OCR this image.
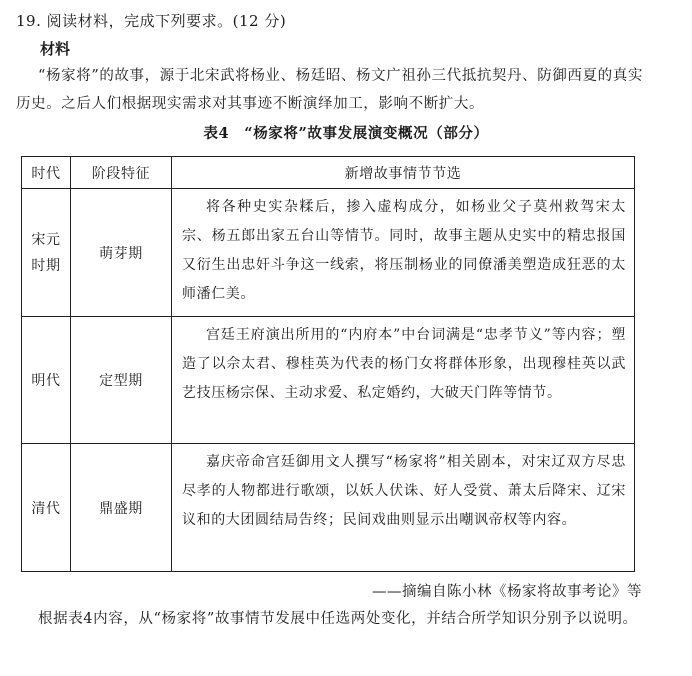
19. 阅读材料，完成下列要求。(12 分)
材料
“杨家将”的故事，源于北宋武将杨业、杨廷昭、杨文广祖孙三代抵抗契丹、防御西夏的真实历史。之后人们根据现实需求对其事迹不断演绎加工，影响不断扩大。
表4　“杨家将”故事发展演变概况（部分）
时代	阶段特征	新增故事情节节选

宋元时期	萌芽期	将各种史实杂糅后，掺入虚构成分，如杨业父子莫州救驾宋太宗、杨五郎出家五台山等情节。同时，故事主题从史实中的精忠报国又衍生出忠奸斗争这一线索，将压制杨业的同僚潘美塑造成狂恶的太师潘仁美。
明代	定型期	宫廷王府演出所用的“内府本”中台词满是“忠孝节义”等内容；塑造了以佘太君、穆桂英为代表的杨门女将群体形象，出现穆桂英以武艺技压杨宗保、主动求爱、私定婚约，大破天门阵等情节。
清代	鼎盛期	嘉庆帝命宫廷御用文人撰写“杨家将”相关剧本，对宋辽双方尽忠尽孝的人物都进行歌颂，以妖人伏诛、好人受赏、萧太后降宋、辽宋议和的大团圆结局告终；民间戏曲则显示出嘲讽帝权等内容。
——摘编自陈小林《杨家将故事考论》等
根据表4内容，从“杨家将”故事情节发展中任选两处变化，并结合所学知识分别予以说明。
